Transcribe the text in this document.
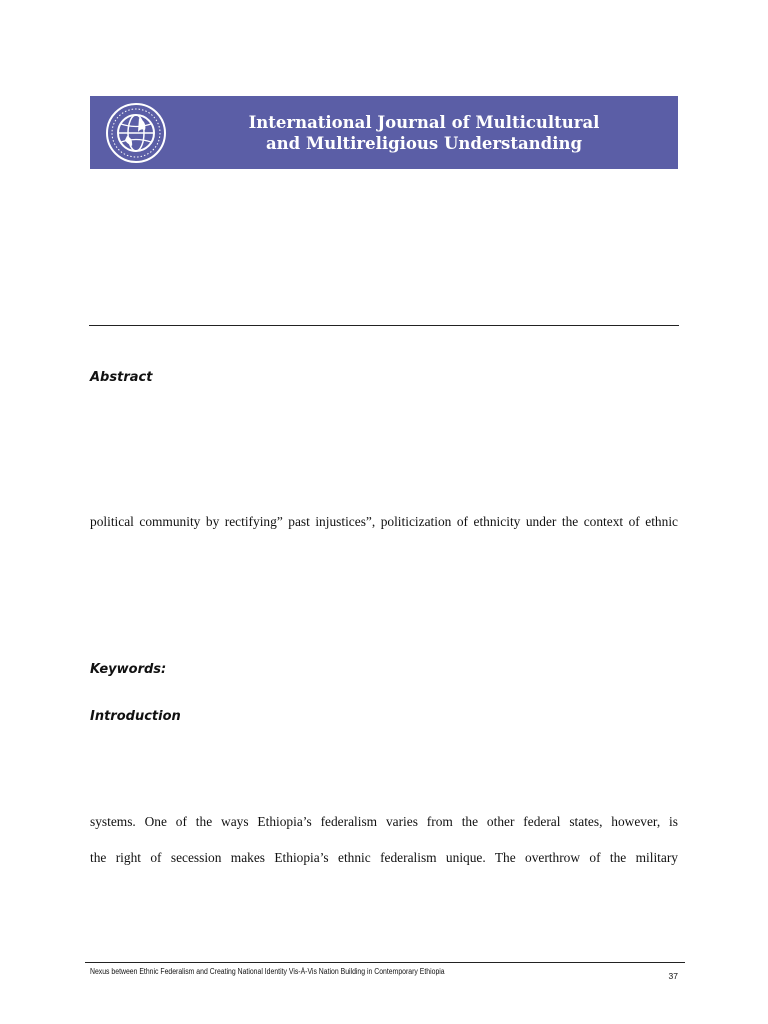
International Journal of Multicultural
and Multireligious Understanding
Abstract
political community by rectifying” past injustices”, politicization of ethnicity under the context of ethnic
Keywords:
Introduction
systems. One of the ways Ethiopia’s federalism varies from the other federal states, however, is
the right of secession makes Ethiopia’s ethnic federalism unique. The overthrow of the military
Nexus between Ethnic Federalism and Creating National Identity Vis-À-Vis Nation Building in Contemporary Ethiopia	37
